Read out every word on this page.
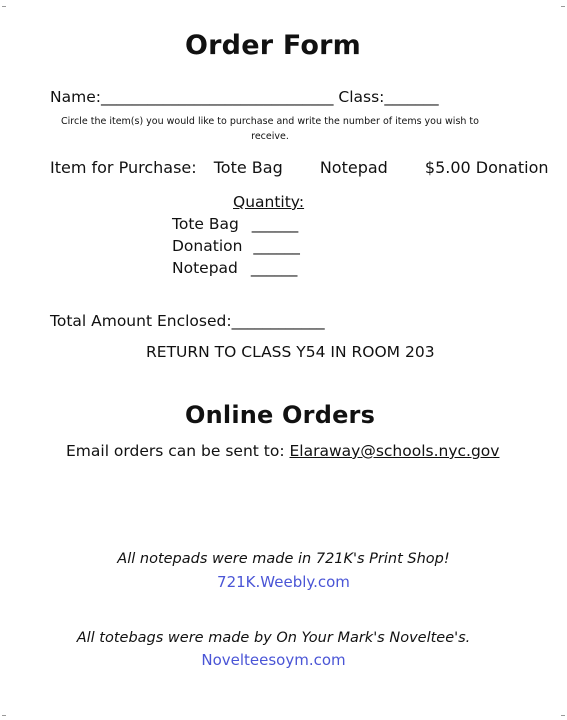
Order Form
Name:______________________________ Class:_______
Circle the item(s) you would like to purchase and write the number of items you wish to receive.
Item for Purchase: Tote Bag Notepad $5.00 Donation
Quantity:
Tote Bag ______
Donation ______
Notepad ______
Total Amount Enclosed:____________
RETURN TO CLASS Y54 IN ROOM 203
Online Orders
Email orders can be sent to: Elaraway@schools.nyc.gov
All notepads were made in 721K's Print Shop!
721K.Weebly.com
All totebags were made by On Your Mark's Noveltee's.
Novelteesoym.com
